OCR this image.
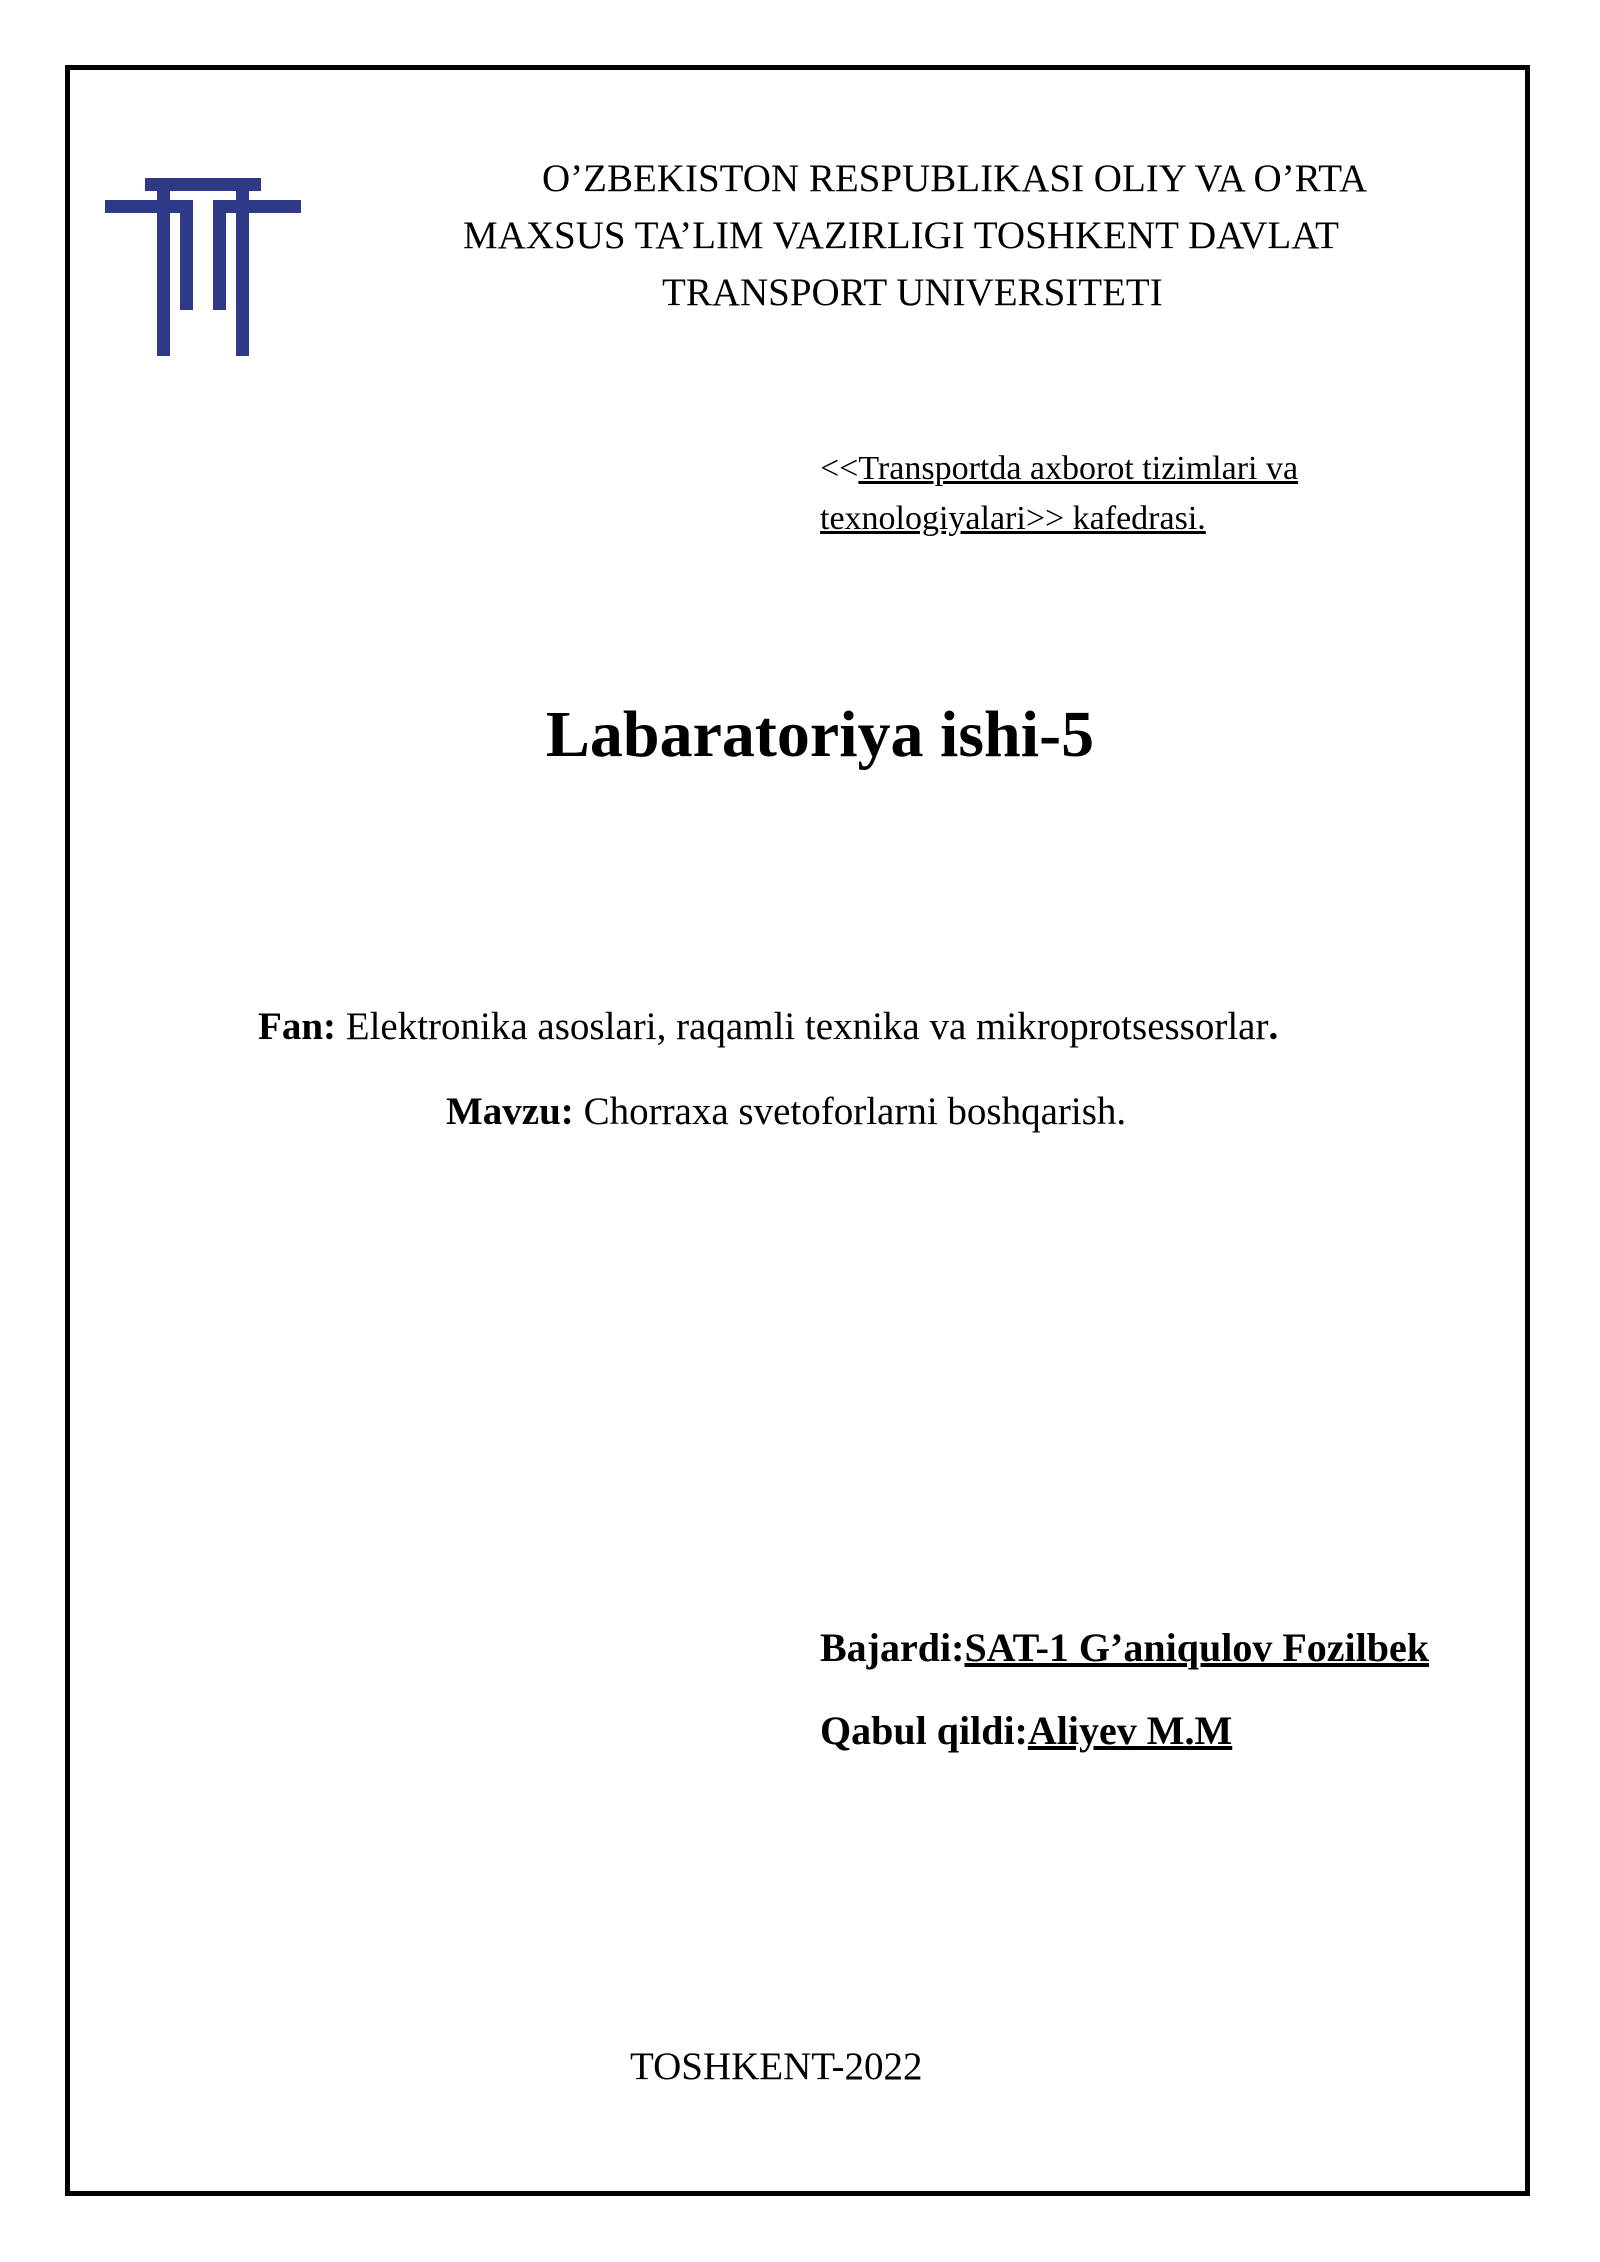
O’ZBEKISTON RESPUBLIKASI OLIY VA O’RTA
MAXSUS TA’LIM VAZIRLIGI TOSHKENT DAVLAT
TRANSPORT UNIVERSITETI
<<Transportda axborot tizimlari va
texnologiyalari>> kafedrasi.
Labaratoriya ishi-5
Fan: Elektronika asoslari, raqamli texnika va mikroprotsessorlar.
Mavzu: Chorraxa svetoforlarni boshqarish.
Bajardi:SAT-1 G’aniqulov Fozilbek
Qabul qildi:Aliyev M.M
TOSHKENT-2022
